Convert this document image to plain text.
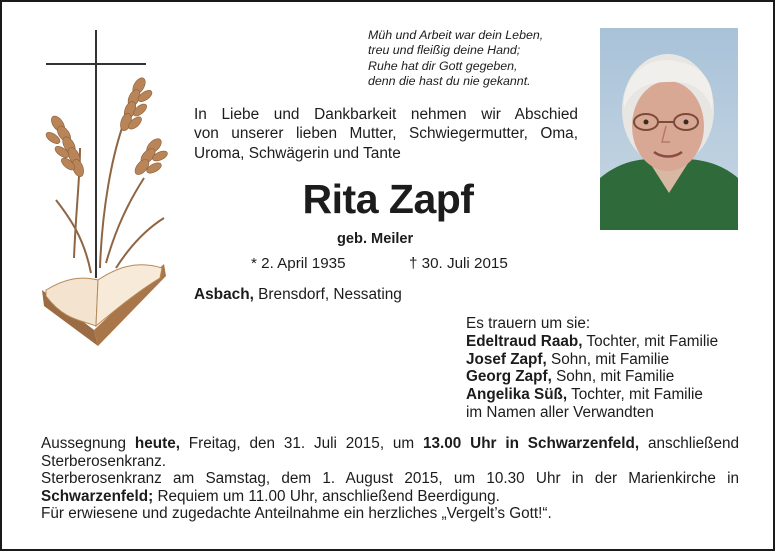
Müh und Arbeit war dein Leben,
treu und fleißig deine Hand;
Ruhe hat dir Gott gegeben,
denn die hast du nie gekannt.
In Liebe und Dankbarkeit nehmen wir Abschied
von unserer lieben Mutter, Schwiegermutter, Oma,
Uroma, Schwägerin und Tante
Rita Zapf
geb. Meiler
* 2. April 1935	† 30. Juli 2015
Asbach, Brensdorf, Nessating
Es trauern um sie:
Edeltraud Raab, Tochter, mit Familie
Josef Zapf, Sohn, mit Familie
Georg Zapf, Sohn, mit Familie
Angelika Süß, Tochter, mit Familie
im Namen aller Verwandten
Aussegnung heute, Freitag, den 31. Juli 2015, um 13.00 Uhr in Schwarzenfeld, anschließend
Sterberosenkranz.
Sterberosenkranz am Samstag, dem 1. August 2015, um 10.30 Uhr in der Marienkirche in
Schwarzenfeld; Requiem um 11.00 Uhr, anschließend Beerdigung.
Für erwiesene und zugedachte Anteilnahme ein herzliches „Vergelt’s Gott!“.
